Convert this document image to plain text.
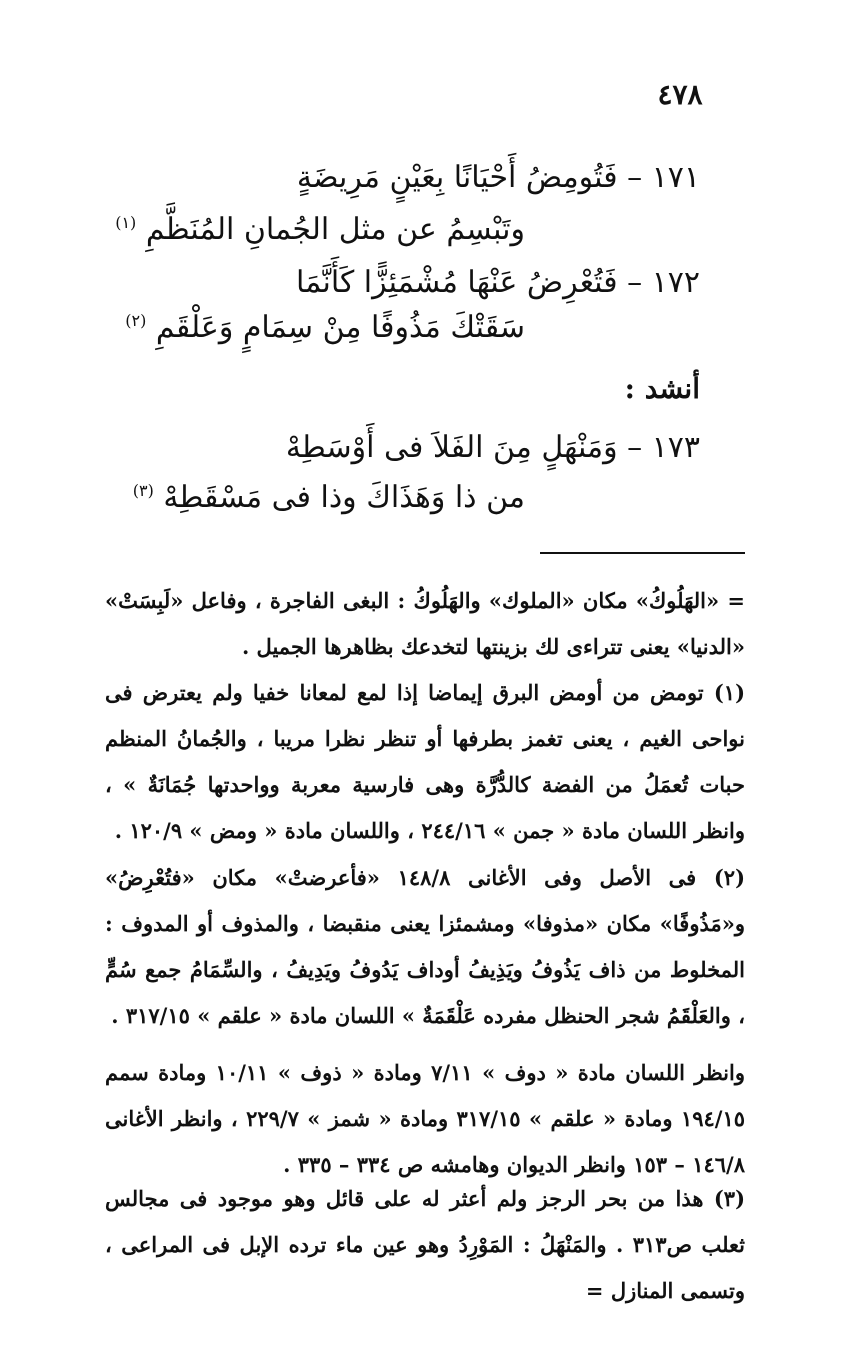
٤٧٨
١٧١ – فَتُومِضُ أَحْيَانًا بِعَيْنٍ مَرِيضَةٍ
وتَبْسِمُ عن مثل الجُمانِ المُنَظَّمِ $^{(١)}$
١٧٢ – فَتُعْرِضُ عَنْهَا مُشْمَئِزًّا كَأَنَّمَا
سَقَتْكَ مَذُوفًا مِنْ سِمَامٍ وَعَلْقَمِ $^{(٢)}$
أنشد :
١٧٣ – وَمَنْهَلٍ مِنَ الفَلاَ فى أَوْسَطِهْ
من ذا وَهَذَاكَ وذا فى مَسْقَطِهْ $^{(٣)}$
= «الهَلُوكُ» مكان «الملوك» والهَلُوكُ : البغى الفاجرة ، وفاعل «لَبِسَتْ» «الدنيا» يعنى تتراءى لك بزينتها لتخدعك بظاهرها الجميل .
(١) تومض من أومض البرق إيماضا إذا لمع لمعانا خفيا ولم يعترض فى نواحى الغيم ، يعنى تغمز بطرفها أو تنظر نظرا مريبا ، والجُمانُ المنظم حبات تُعمَلُ من الفضة كالدُّرَّة وهى فارسية معربة وواحدتها جُمَانَةٌ » ، وانظر اللسان مادة « جمن » ٢٤٤/١٦ ، واللسان مادة « ومض » ١٢٠/٩ .
(٢) فى الأصل وفى الأغانى ١٤٨/٨ «فأعرضتْ» مكان «فتُعْرِضُ» و«مَذُوفًا» مكان «مذوفا» ومشمئزا يعنى منقبضا ، والمذوف أو المدوف : المخلوط من ذاف يَذُوفُ ويَذِيفُ أوداف يَدُوفُ ويَدِيفُ ، والسِّمَامُ جمع سُمٍّ ، والعَلْقَمُ شجر الحنظل مفرده عَلْقَمَةٌ » اللسان مادة « علقم » ٣١٧/١٥ .
وانظر اللسان مادة « دوف » ٧/١١ ومادة « ذوف » ١٠/١١ ومادة سمم ١٩٤/١٥ ومادة « علقم » ٣١٧/١٥ ومادة « شمز » ٢٢٩/٧ ، وانظر الأغانى ١٤٦/٨ – ١٥٣ وانظر الديوان وهامشه ص ٣٣٤ – ٣٣٥ .
(٣) هذا من بحر الرجز ولم أعثر له على قائل وهو موجود فى مجالس ثعلب ص٣١٣ . والمَنْهَلُ : المَوْرِدُ وهو عين ماء ترده الإبل فى المراعى ، وتسمى المنازل =
